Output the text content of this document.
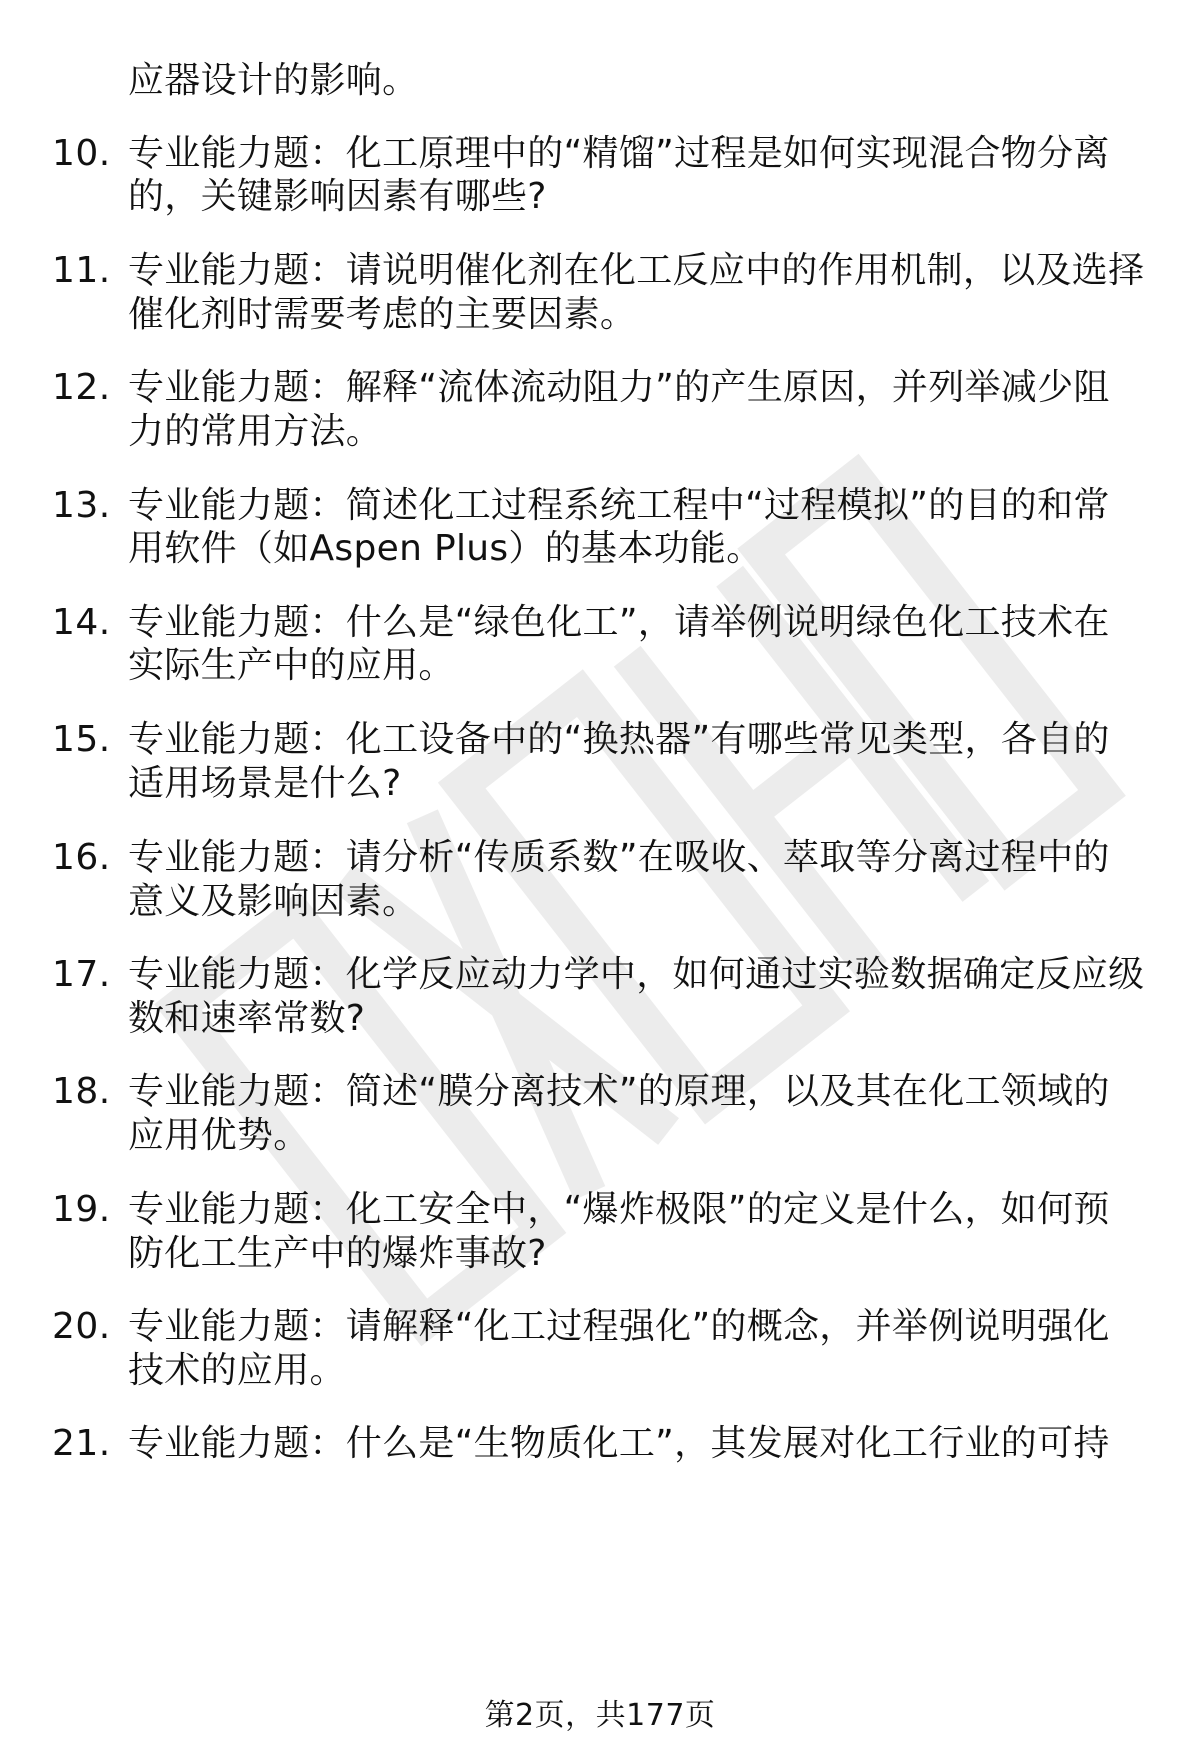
应器设计的影响。
10. 专业能力题：化工原理中的“精馏”过程是如何实现混合物分离
的，关键影响因素有哪些?
11. 专业能力题：请说明催化剂在化工反应中的作用机制，以及选择
催化剂时需要考虑的主要因素。
12. 专业能力题：解释“流体流动阻力”的产生原因，并列举减少阻
力的常用方法。
13. 专业能力题：简述化工过程系统工程中“过程模拟”的目的和常
用软件（如Aspen Plus）的基本功能。
14. 专业能力题：什么是“绿色化工”，请举例说明绿色化工技术在
实际生产中的应用。
15. 专业能力题：化工设备中的“换热器”有哪些常见类型，各自的
适用场景是什么?
16. 专业能力题：请分析“传质系数”在吸收、萃取等分离过程中的
意义及影响因素。
17. 专业能力题：化学反应动力学中，如何通过实验数据确定反应级
数和速率常数?
18. 专业能力题：简述“膜分离技术”的原理，以及其在化工领域的
应用优势。
19. 专业能力题：化工安全中，“爆炸极限”的定义是什么，如何预
防化工生产中的爆炸事故?
20. 专业能力题：请解释“化工过程强化”的概念，并举例说明强化
技术的应用。
21. 专业能力题：什么是“生物质化工”，其发展对化工行业的可持
第2页，共177页
